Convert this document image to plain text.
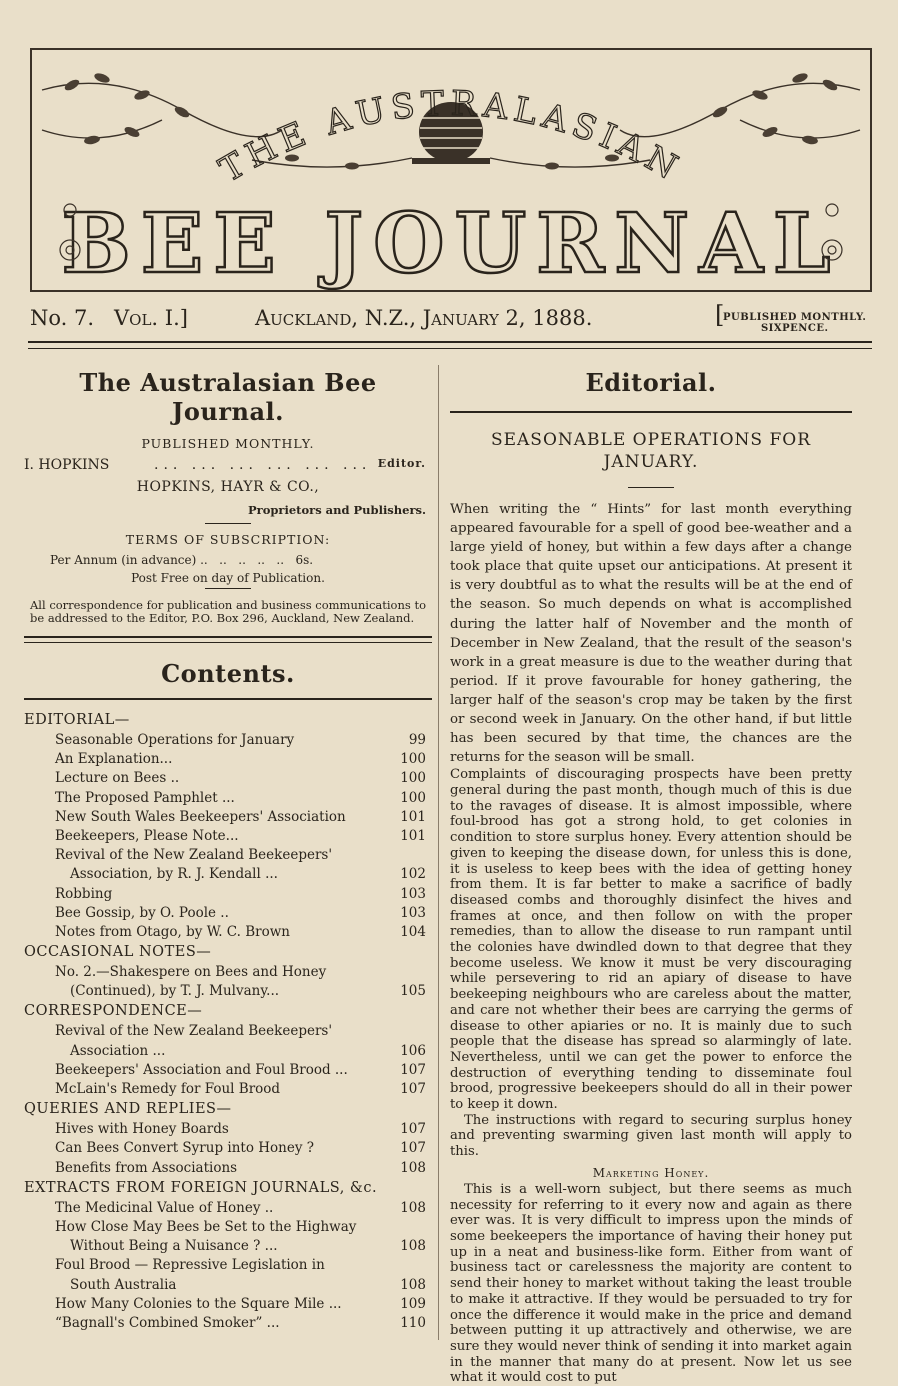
THE AUSTRALASIAN
BEE JOURNAL
No. 7. Vol. I.]	Auckland, N.Z., January 2, 1888.	[
PUBLISHED MONTHLY.
SIXPENCE.
The Australasian Bee Journal.
PUBLISHED MONTHLY.
I. HOPKINS	... ... ... ... ... ... Editor.
HOPKINS, HAYR & CO.,
Proprietors and Publishers.
TERMS OF SUBSCRIPTION:
Per Annum (in advance) ..   ..   ..   ..   ..   6s.
Post Free on day of Publication.
All correspondence for publication and business communications to be addressed to the Editor, P.O. Box 296, Auckland, New Zealand.
Contents.
EDITORIAL—
Seasonable Operations for January	99
An Explanation...	100
Lecture on Bees ..	100
The Proposed Pamphlet ...	100
New South Wales Beekeepers' Association	101
Beekeepers, Please Note...	101
Revival of the New Zealand Beekeepers'
Association, by R. J. Kendall ...	102
Robbing	103
Bee Gossip, by O. Poole ..	103
Notes from Otago, by W. C. Brown	104
OCCASIONAL NOTES—
No. 2.—Shakespere on Bees and Honey
(Continued), by T. J. Mulvany...	105
CORRESPONDENCE—
Revival of the New Zealand Beekeepers'
Association ...	106
Beekeepers' Association and Foul Brood ...	107
McLain's Remedy for Foul Brood	107
QUERIES AND REPLIES—
Hives with Honey Boards	107
Can Bees Convert Syrup into Honey ?	107
Benefits from Associations	108
EXTRACTS FROM FOREIGN JOURNALS, &c.
The Medicinal Value of Honey ..	108
How Close May Bees be Set to the Highway
Without Being a Nuisance ? ...	108
Foul Brood — Repressive Legislation in
South Australia	108
How Many Colonies to the Square Mile ...	109
“Bagnall's Combined Smoker” ...	110
Editorial.
SEASONABLE OPERATIONS FOR JANUARY.

When writing the “ Hints” for last month everything appeared favourable for a spell of good bee-weather and a large yield of honey, but within a few days after a change took place that quite upset our anticipations. At present it is very doubtful as to what the results will be at the end of the season. So much depends on what is accomplished during the latter half of November and the month of December in New Zealand, that the result of the season's work in a great measure is due to the weather during that period. If it prove favourable for honey gathering, the larger half of the season's crop may be taken by the first or second week in January. On the other hand, if but little has been secured by that time, the chances are the returns for the season will be small.

Complaints of discouraging prospects have been pretty general during the past month, though much of this is due to the ravages of disease. It is almost impossible, where foul-brood has got a strong hold, to get colonies in condition to store surplus honey. Every attention should be given to keeping the disease down, for unless this is done, it is useless to keep bees with the idea of getting honey from them. It is far better to make a sacrifice of badly diseased combs and thoroughly disinfect the hives and frames at once, and then follow on with the proper remedies, than to allow the disease to run rampant until the colonies have dwindled down to that degree that they become useless. We know it must be very discouraging while persevering to rid an apiary of disease to have beekeeping neighbours who are careless about the matter, and care not whether their bees are carrying the germs of disease to other apiaries or no. It is mainly due to such people that the disease has spread so alarmingly of late. Nevertheless, until we can get the power to enforce the destruction of everything tending to disseminate foul brood, progressive beekeepers should do all in their power to keep it down.

The instructions with regard to securing surplus honey and preventing swarming given last month will apply to this.

Marketing Honey.

This is a well-worn subject, but there seems as much necessity for referring to it every now and again as there ever was. It is very difficult to impress upon the minds of some beekeepers the importance of having their honey put up in a neat and business-like form. Either from want of business tact or carelessness the majority are content to send their honey to market without taking the least trouble to make it attractive. If they would be persuaded to try for once the difference it would make in the price and demand between putting it up attractively and otherwise, we are sure they would never think of sending it into market again in the manner that many do at present. Now let us see what it would cost to put
